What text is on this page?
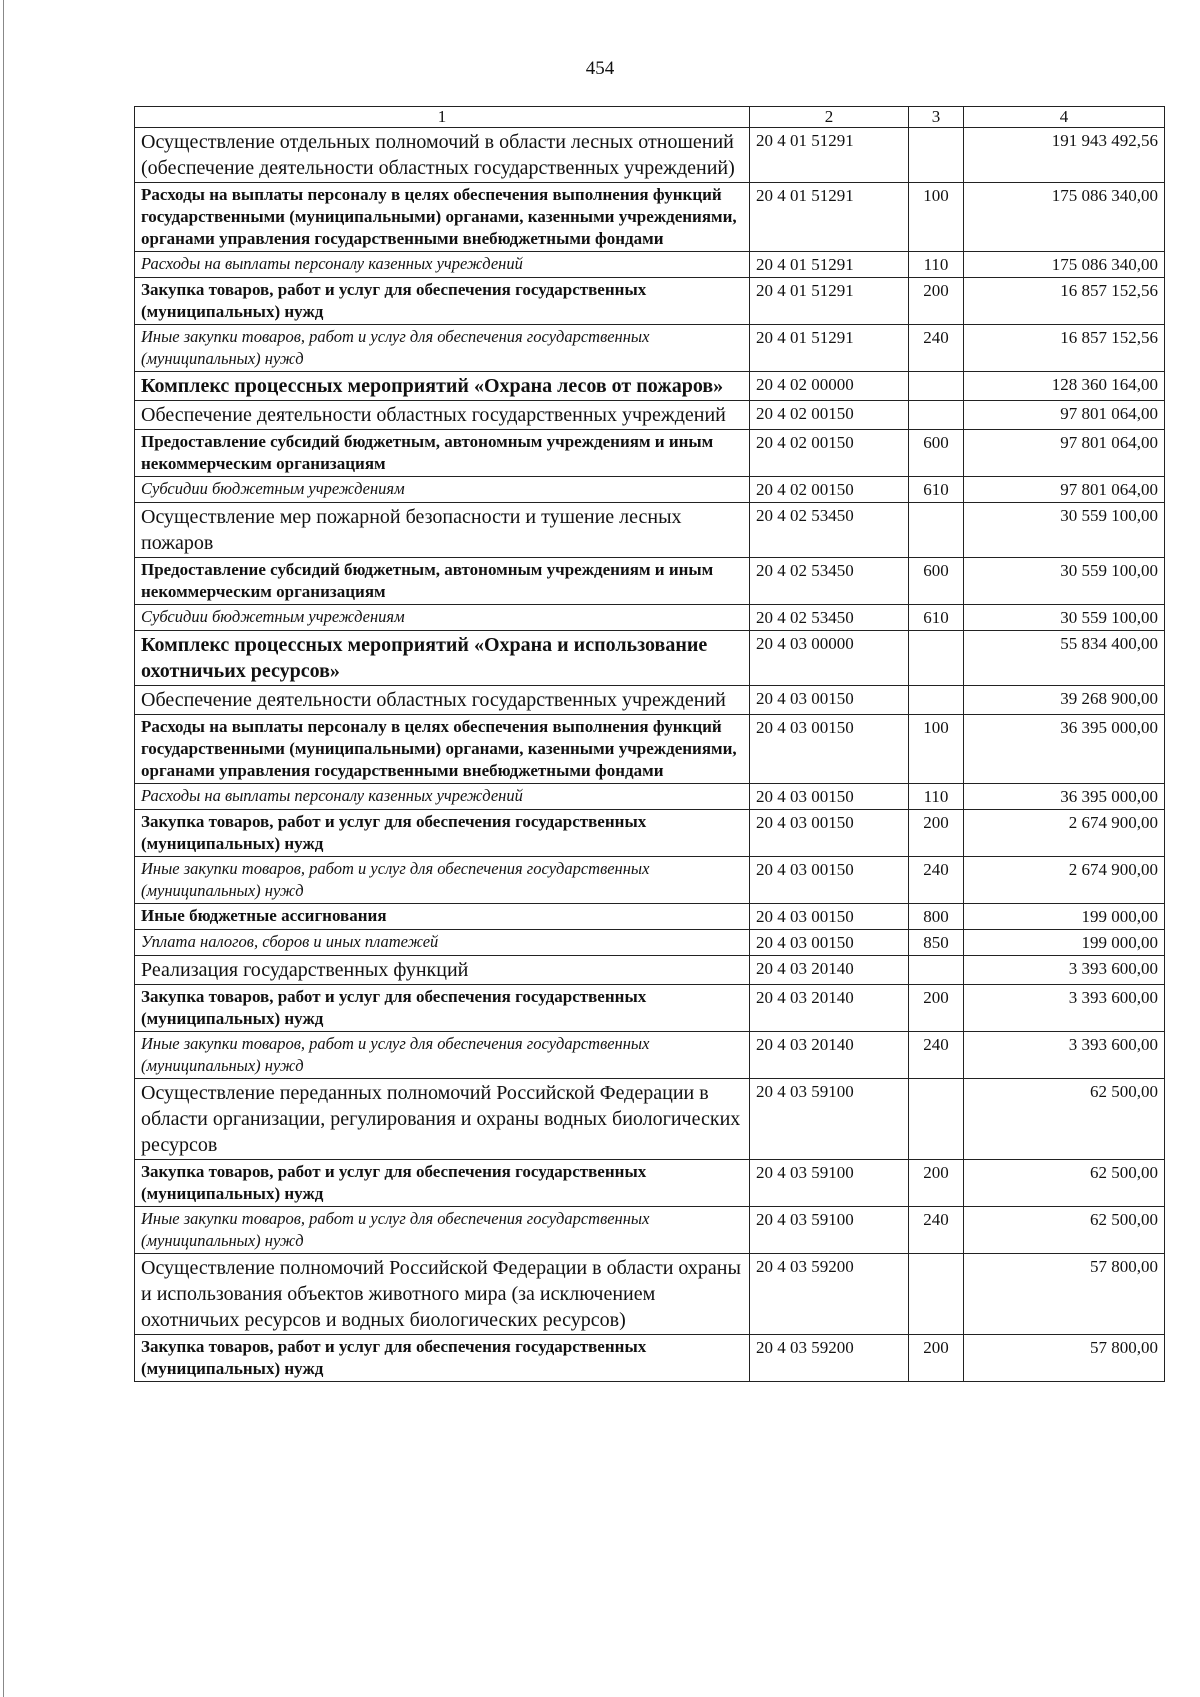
454
1	2	3	4
Осуществление отдельных полномочий в области лесных отношений (обеспечение деятельности областных государственных учреждений)	20 4 01 51291		191 943 492,56
Расходы на выплаты персоналу в целях обеспечения выполнения функций государственными (муниципальными) органами, казенными учреждениями, органами управления государственными внебюджетными фондами	20 4 01 51291	100	175 086 340,00
Расходы на выплаты персоналу казенных учреждений	20 4 01 51291	110	175 086 340,00
Закупка товаров, работ и услуг для обеспечения государственных (муниципальных) нужд	20 4 01 51291	200	16 857 152,56
Иные закупки товаров, работ и услуг для обеспечения государственных (муниципальных) нужд	20 4 01 51291	240	16 857 152,56
Комплекс процессных мероприятий «Охрана лесов от пожаров»	20 4 02 00000		128 360 164,00
Обеспечение деятельности областных государственных учреждений	20 4 02 00150		97 801 064,00
Предоставление субсидий бюджетным, автономным учреждениям и иным некоммерческим организациям	20 4 02 00150	600	97 801 064,00
Субсидии бюджетным учреждениям	20 4 02 00150	610	97 801 064,00
Осуществление мер пожарной безопасности и тушение лесных пожаров	20 4 02 53450		30 559 100,00
Предоставление субсидий бюджетным, автономным учреждениям и иным некоммерческим организациям	20 4 02 53450	600	30 559 100,00
Субсидии бюджетным учреждениям	20 4 02 53450	610	30 559 100,00
Комплекс процессных мероприятий «Охрана и использование охотничьих ресурсов»	20 4 03 00000		55 834 400,00
Обеспечение деятельности областных государственных учреждений	20 4 03 00150		39 268 900,00
Расходы на выплаты персоналу в целях обеспечения выполнения функций государственными (муниципальными) органами, казенными учреждениями, органами управления государственными внебюджетными фондами	20 4 03 00150	100	36 395 000,00
Расходы на выплаты персоналу казенных учреждений	20 4 03 00150	110	36 395 000,00
Закупка товаров, работ и услуг для обеспечения государственных (муниципальных) нужд	20 4 03 00150	200	2 674 900,00
Иные закупки товаров, работ и услуг для обеспечения государственных (муниципальных) нужд	20 4 03 00150	240	2 674 900,00
Иные бюджетные ассигнования	20 4 03 00150	800	199 000,00
Уплата налогов, сборов и иных платежей	20 4 03 00150	850	199 000,00
Реализация государственных функций	20 4 03 20140		3 393 600,00
Закупка товаров, работ и услуг для обеспечения государственных (муниципальных) нужд	20 4 03 20140	200	3 393 600,00
Иные закупки товаров, работ и услуг для обеспечения государственных (муниципальных) нужд	20 4 03 20140	240	3 393 600,00
Осуществление переданных полномочий Российской Федерации в области организации, регулирования и охраны водных биологических ресурсов	20 4 03 59100		62 500,00
Закупка товаров, работ и услуг для обеспечения государственных (муниципальных) нужд	20 4 03 59100	200	62 500,00
Иные закупки товаров, работ и услуг для обеспечения государственных (муниципальных) нужд	20 4 03 59100	240	62 500,00
Осуществление полномочий Российской Федерации в области охраны и использования объектов животного мира (за исключением охотничьих ресурсов и водных биологических ресурсов)	20 4 03 59200		57 800,00
Закупка товаров, работ и услуг для обеспечения государственных (муниципальных) нужд	20 4 03 59200	200	57 800,00
